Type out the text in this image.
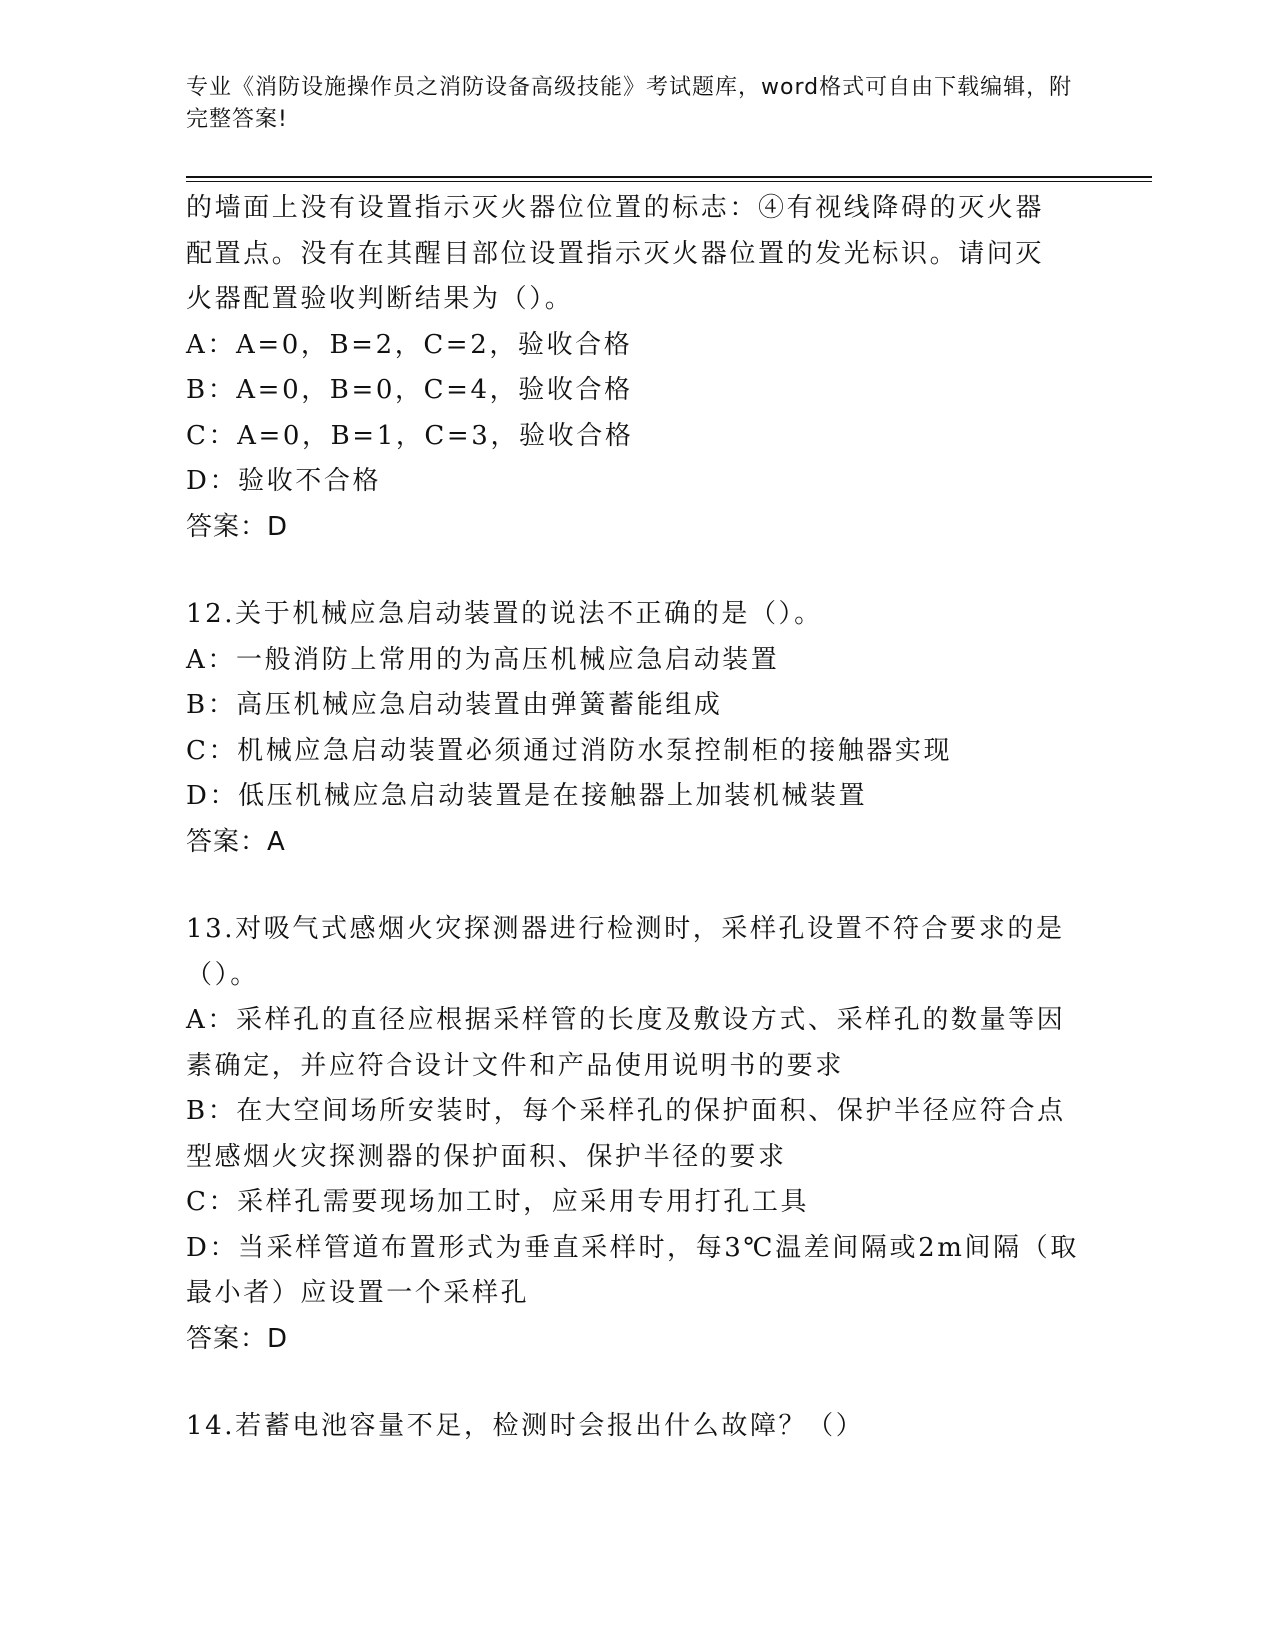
专业《消防设施操作员之消防设备高级技能》考试题库，word格式可自由下载编辑，附完整答案!
的墙面上没有设置指示灭火器位位置的标志：④有视线降碍的灭火器
配置点。没有在其醒目部位设置指示灭火器位置的发光标识。请问灭
火器配置验收判断结果为（）。
A：A=0，B=2，C=2，验收合格
B：A=0，B=0，C=4，验收合格
C：A=0，B=1，C=3，验收合格
D：验收不合格
答案：D
12.关于机械应急启动装置的说法不正确的是（）。
A：一般消防上常用的为高压机械应急启动装置
B：高压机械应急启动装置由弹簧蓄能组成
C：机械应急启动装置必须通过消防水泵控制柜的接触器实现
D：低压机械应急启动装置是在接触器上加装机械装置
答案：A
13.对吸气式感烟火灾探测器进行检测时，采样孔设置不符合要求的是
（）。
A：采样孔的直径应根据采样管的长度及敷设方式、采样孔的数量等因
素确定，并应符合设计文件和产品使用说明书的要求
B：在大空间场所安装时，每个采样孔的保护面积、保护半径应符合点
型感烟火灾探测器的保护面积、保护半径的要求
C：采样孔需要现场加工时，应采用专用打孔工具
D：当采样管道布置形式为垂直采样时，每3℃温差间隔或2m间隔（取
最小者）应设置一个采样孔
答案：D
14.若蓄电池容量不足，检测时会报出什么故障？（）
